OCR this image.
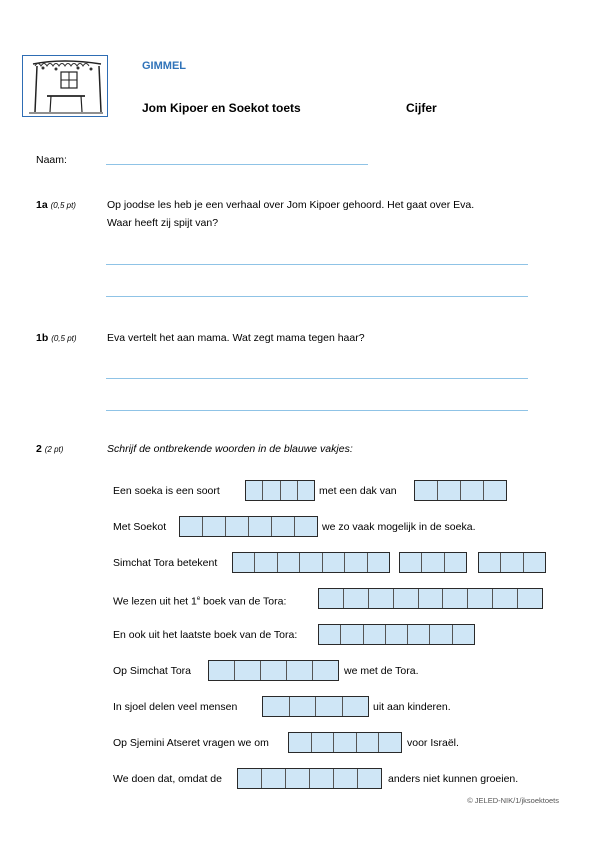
GIMMEL
Jom Kipoer en Soekot toets	Cijfer
Naam:
1a (0,5 pt)	Op joodse les heb je een verhaal over Jom Kipoer gehoord. Het gaat over Eva.
Waar heeft zij spijt van?
1b (0,5 pt)	Eva vertelt het aan mama. Wat zegt mama tegen haar?
2 (2 pt)	Schrijf de ontbrekende woorden in de blauwe vakjes:
Een soeka is een soort	met een dak van
Met Soekot	we zo vaak mogelijk in de soeka.
Simchat Tora betekent
We lezen uit het 1e boek van de Tora:
En ook uit het laatste boek van de Tora:
Op Simchat Tora	we met de Tora.
In sjoel delen veel mensen	uit aan kinderen.
Op Sjemini Atseret vragen we om	voor Israël.
We doen dat, omdat de	anders niet kunnen groeien.
© JELED-NIK/1/jksoektoets
